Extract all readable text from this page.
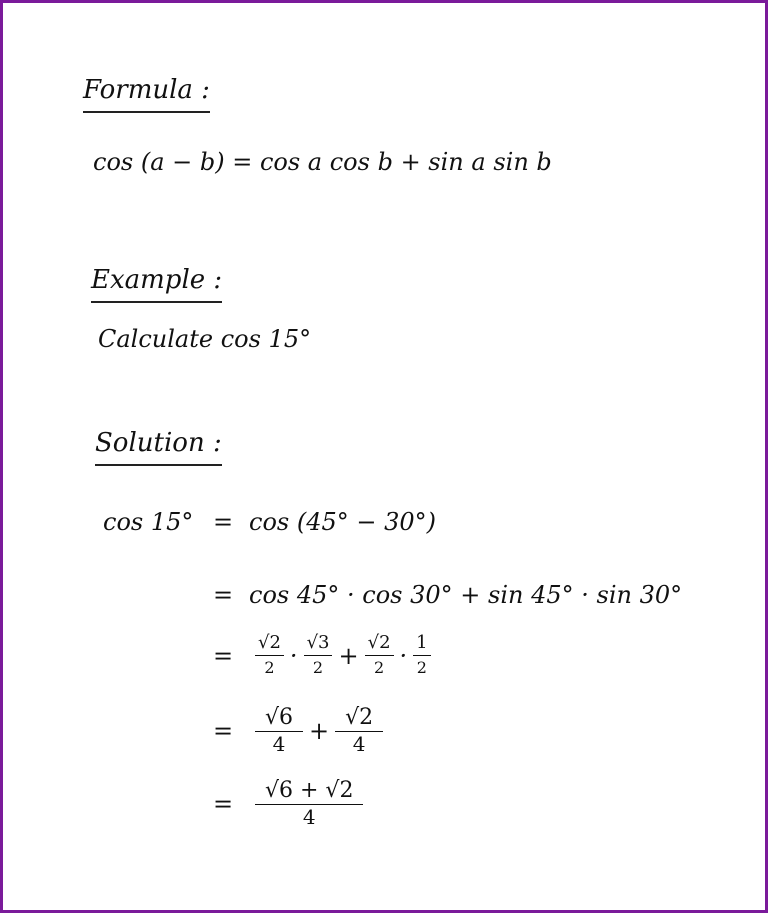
Formula :
cos (a − b) = cos a cos b + sin a sin b
Example :
Calculate cos 15°
Solution :
cos 15° = cos (45° − 30°)
= cos 45° · cos 30° + sin 45° · sin 30°
=	$\frac{√2}{2} \cdot \frac{√3}{2} + \frac{√2}{2} \cdot \frac{1}{2}$
= $\frac{√6}{4} + \frac{√2}{4}$
= $\frac{√6 + √2}{4}$
